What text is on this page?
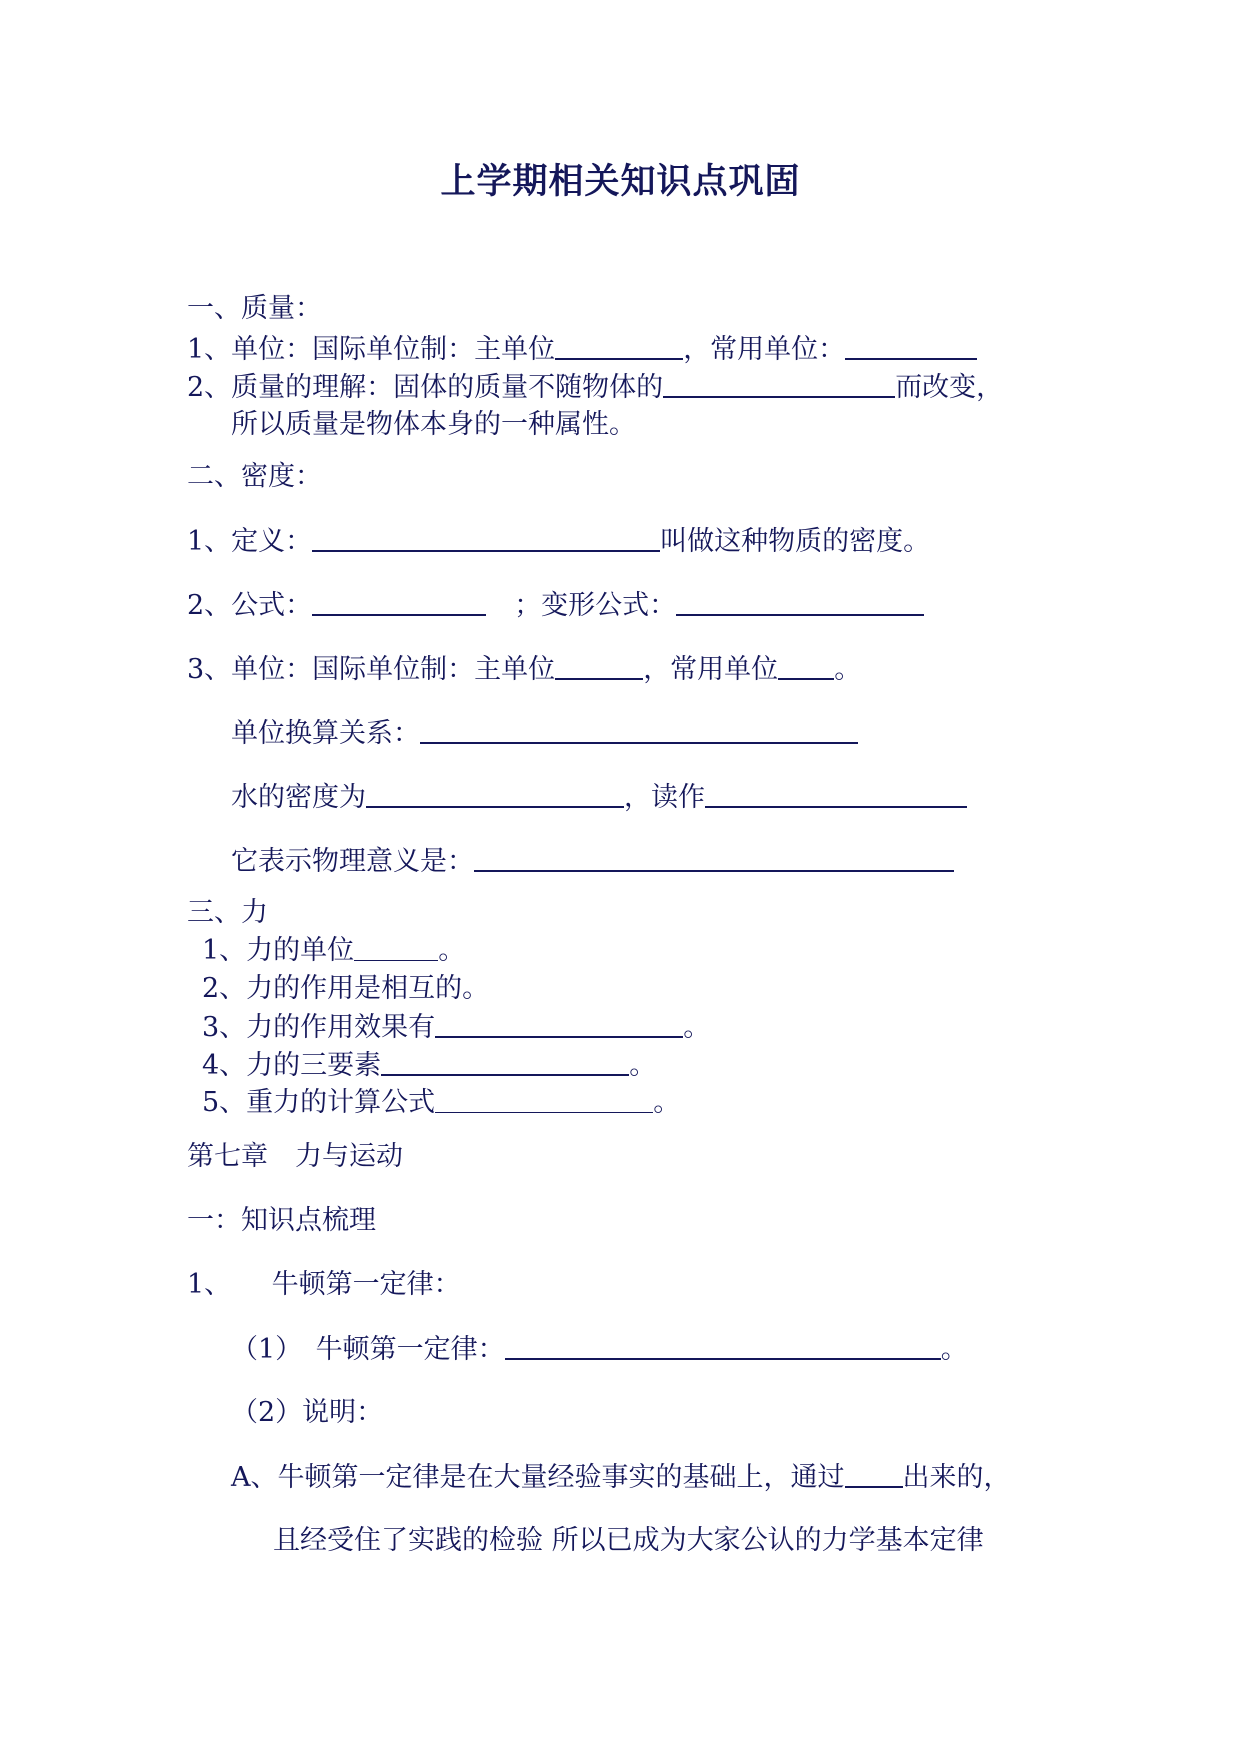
上学期相关知识点巩固
一、质量：
1、单位：国际单位制：主单位	，常用单位：
2、质量的理解：固体的质量不随物体的	而改变，
所以质量是物体本身的一种属性。
二、密度：
1、定义：	叫做这种物质的密度。
2、公式：	；变形公式：
3、单位：国际单位制：主单位	，常用单位 。
单位换算关系：
水的密度为	，读作
它表示物理意义是：
三、力
1、力的单位	。
2、力的作用是相互的。
3、力的作用效果有	。
4、力的三要素	。
5、重力的计算公式	。
第七章　力与运动
一：知识点梳理
1、　　牛顿第一定律：
（1）　牛顿第一定律：	。
（2）说明：
A、牛顿第一定律是在大量经验事实的基础上，通过 出来的，
且经受住了实践的检验 所以已成为大家公认的力学基本定律
